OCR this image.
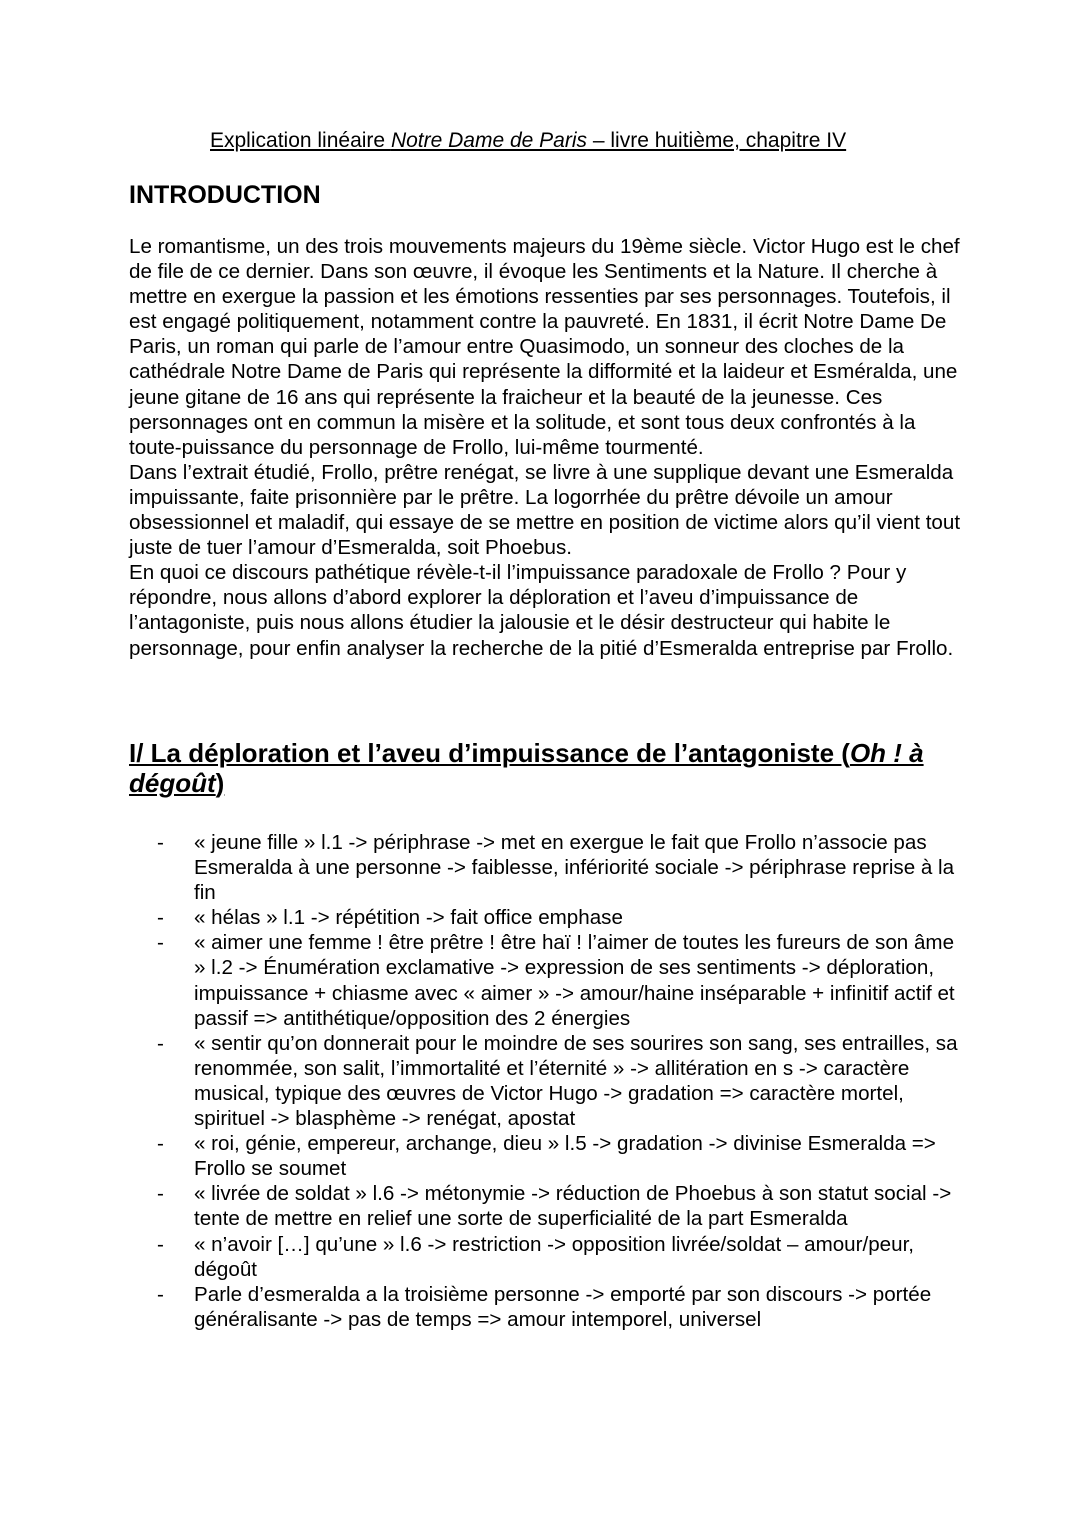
Explication linéaire Notre Dame de Paris – livre huitième, chapitre IV
INTRODUCTION

Le romantisme, un des trois mouvements majeurs du 19ème siècle. Victor Hugo est le chef de file de ce dernier. Dans son œuvre, il évoque les Sentiments et la Nature. Il cherche à mettre en exergue la passion et les émotions ressenties par ses personnages. Toutefois, il est engagé politiquement, notamment contre la pauvreté. En 1831, il écrit Notre Dame De Paris, un roman qui parle de l’amour entre Quasimodo, un sonneur des cloches de la cathédrale Notre Dame de Paris qui représente la difformité et la laideur et Esméralda, une jeune gitane de 16 ans qui représente la fraicheur et la beauté de la jeunesse. Ces personnages ont en commun la misère et la solitude, et sont tous deux confrontés à la toute-puissance du personnage de Frollo, lui-même tourmenté.

Dans l’extrait étudié, Frollo, prêtre renégat, se livre à une supplique devant une Esmeralda impuissante, faite prisonnière par le prêtre. La logorrhée du prêtre dévoile un amour obsessionnel et maladif, qui essaye de se mettre en position de victime alors qu’il vient tout juste de tuer l’amour d’Esmeralda, soit Phoebus.

En quoi ce discours pathétique révèle-t-il l’impuissance paradoxale de Frollo ? Pour y répondre, nous allons d’abord explorer la déploration et l’aveu d’impuissance de l’antagoniste, puis nous allons étudier la jalousie et le désir destructeur qui habite le personnage, pour enfin analyser la recherche de la pitié d’Esmeralda entreprise par Frollo.

I/ La déploration et l’aveu d’impuissance de l’antagoniste (Oh ! à dégoût)
- « jeune fille » l.1 -> périphrase -> met en exergue le fait que Frollo n’associe pas Esmeralda à une personne -> faiblesse, infériorité sociale -> périphrase reprise à la fin
- « hélas » l.1 -> répétition -> fait office emphase
- « aimer une femme ! être prêtre ! être haï ! l’aimer de toutes les fureurs de son âme » l.2 -> Énumération exclamative -> expression de ses sentiments -> déploration, impuissance + chiasme avec « aimer » -> amour/haine inséparable + infinitif actif et passif => antithétique/opposition des 2 énergies
- « sentir qu’on donnerait pour le moindre de ses sourires son sang, ses entrailles, sa renommée, son salit, l’immortalité et l’éternité » -> allitération en s -> caractère musical, typique des œuvres de Victor Hugo -> gradation => caractère mortel, spirituel -> blasphème -> renégat, apostat
- « roi, génie, empereur, archange, dieu » l.5 -> gradation -> divinise Esmeralda => Frollo se soumet
- « livrée de soldat » l.6 -> métonymie -> réduction de Phoebus à son statut social -> tente de mettre en relief une sorte de superficialité de la part Esmeralda
- « n’avoir […] qu’une » l.6 -> restriction -> opposition livrée/soldat – amour/peur, dégoût
- Parle d’esmeralda a la troisième personne -> emporté par son discours -> portée généralisante -> pas de temps => amour intemporel, universel
